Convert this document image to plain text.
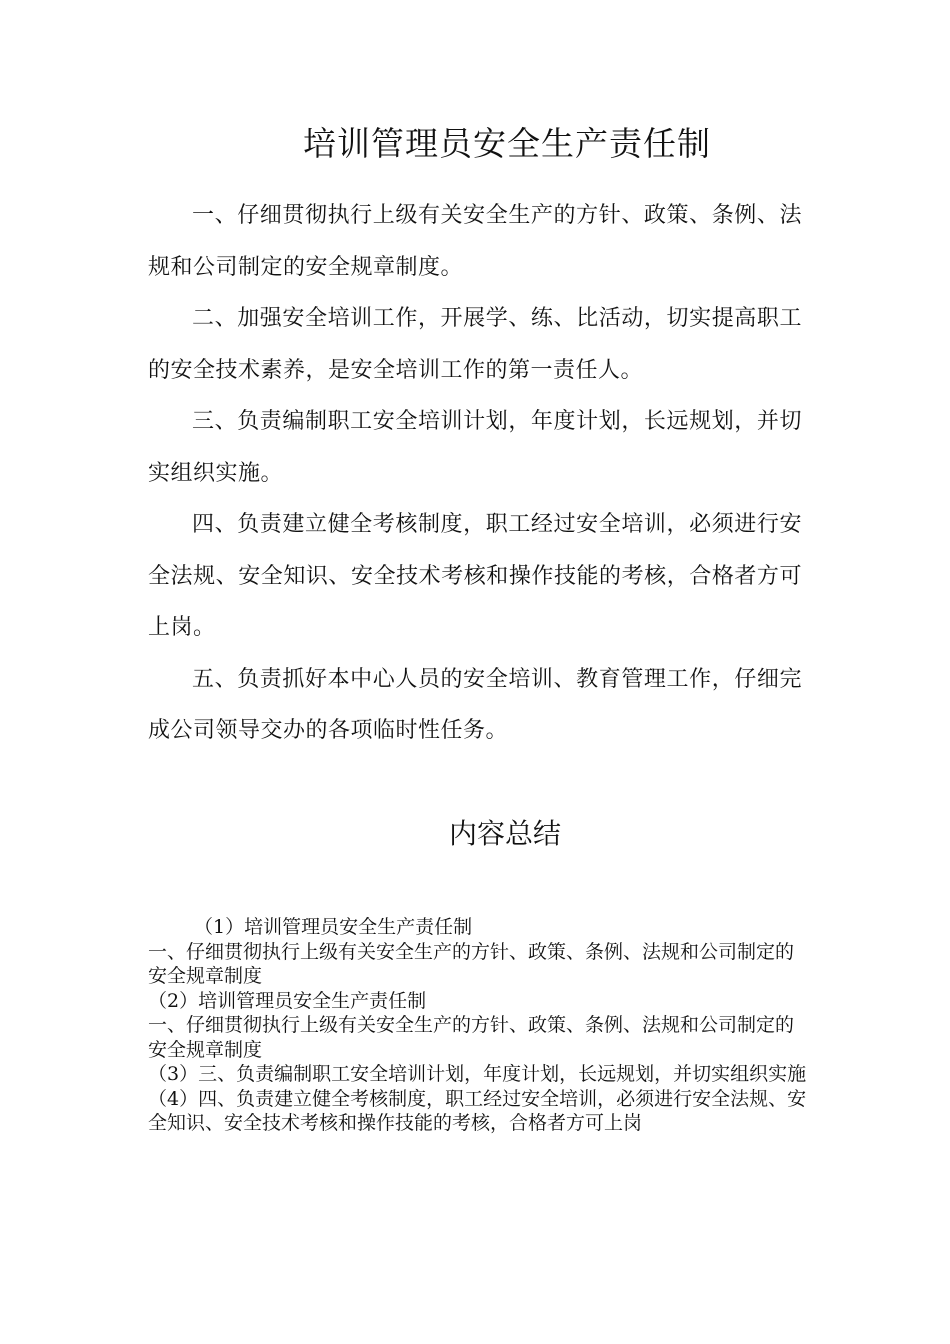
培训管理员安全生产责任制

一、仔细贯彻执行上级有关安全生产的方针、政策、条例、法规和公司制定的安全规章制度。

二、加强安全培训工作，开展学、练、比活动，切实提高职工的安全技术素养，是安全培训工作的第一责任人。

三、负责编制职工安全培训计划，年度计划，长远规划，并切实组织实施。

四、负责建立健全考核制度，职工经过安全培训，必须进行安全法规、安全知识、安全技术考核和操作技能的考核，合格者方可上岗。

五、负责抓好本中心人员的安全培训、教育管理工作，仔细完成公司领导交办的各项临时性任务。

内容总结
（1）培训管理员安全生产责任制
一、仔细贯彻执行上级有关安全生产的方针、政策、条例、法规和公司制定的安全规章制度
（2）培训管理员安全生产责任制
一、仔细贯彻执行上级有关安全生产的方针、政策、条例、法规和公司制定的安全规章制度
（3）三、负责编制职工安全培训计划，年度计划，长远规划，并切实组织实施
（4）四、负责建立健全考核制度，职工经过安全培训，必须进行安全法规、安全知识、安全技术考核和操作技能的考核，合格者方可上岗
